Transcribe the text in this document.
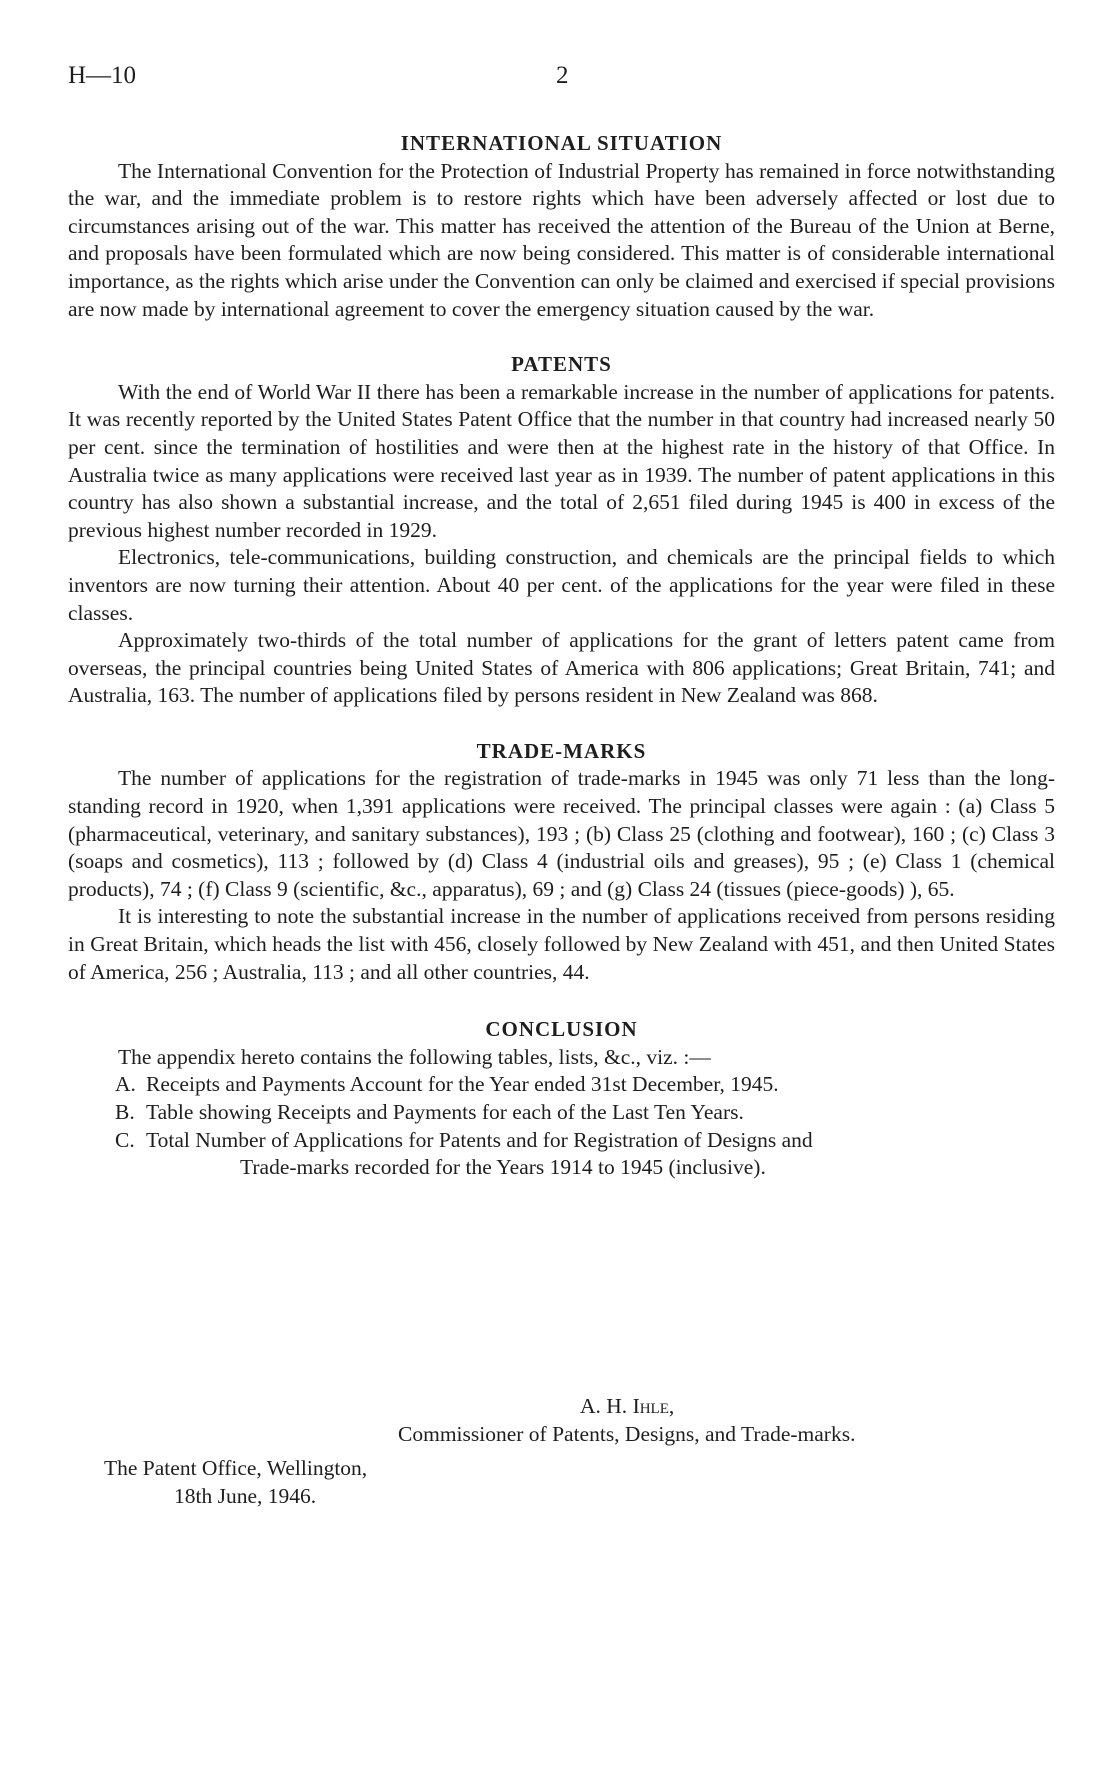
H—10	2
INTERNATIONAL SITUATION

The International Convention for the Protection of Industrial Property has remained in force notwithstanding the war, and the immediate problem is to restore rights which have been adversely affected or lost due to circumstances arising out of the war. This matter has received the attention of the Bureau of the Union at Berne, and proposals have been formulated which are now being considered. This matter is of considerable international importance, as the rights which arise under the Convention can only be claimed and exercised if special provisions are now made by international agreement to cover the emergency situation caused by the war.

PATENTS

With the end of World War II there has been a remarkable increase in the number of applications for patents. It was recently reported by the United States Patent Office that the number in that country had increased nearly 50 per cent. since the termination of hostilities and were then at the highest rate in the history of that Office. In Australia twice as many applications were received last year as in 1939. The number of patent applications in this country has also shown a substantial increase, and the total of 2,651 filed during 1945 is 400 in excess of the previous highest number recorded in 1929.

Electronics, tele-communications, building construction, and chemicals are the principal fields to which inventors are now turning their attention. About 40 per cent. of the applications for the year were filed in these classes.

Approximately two-thirds of the total number of applications for the grant of letters patent came from overseas, the principal countries being United States of America with 806 applications; Great Britain, 741; and Australia, 163. The number of applications filed by persons resident in New Zealand was 868.

TRADE-MARKS

The number of applications for the registration of trade-marks in 1945 was only 71 less than the long-standing record in 1920, when 1,391 applications were received. The principal classes were again : (a) Class 5 (pharmaceutical, veterinary, and sanitary substances), 193 ; (b) Class 25 (clothing and footwear), 160 ; (c) Class 3 (soaps and cosmetics), 113 ; followed by (d) Class 4 (industrial oils and greases), 95 ; (e) Class 1 (chemical products), 74 ; (f) Class 9 (scientific, &c., apparatus), 69 ; and (g) Class 24 (tissues (piece-goods) ), 65.

It is interesting to note the substantial increase in the number of applications received from persons residing in Great Britain, which heads the list with 456, closely followed by New Zealand with 451, and then United States of America, 256 ; Australia, 113 ; and all other countries, 44.

CONCLUSION

The appendix hereto contains the following tables, lists, &c., viz. :—

A. Receipts and Payments Account for the Year ended 31st December, 1945.
B. Table showing Receipts and Payments for each of the Last Ten Years.
C. Total Number of Applications for Patents and for Registration of Designs and
Trade-marks recorded for the Years 1914 to 1945 (inclusive).
A. H. Ihle,
Commissioner of Patents, Designs, and Trade-marks.
The Patent Office, Wellington,
18th June, 1946.
